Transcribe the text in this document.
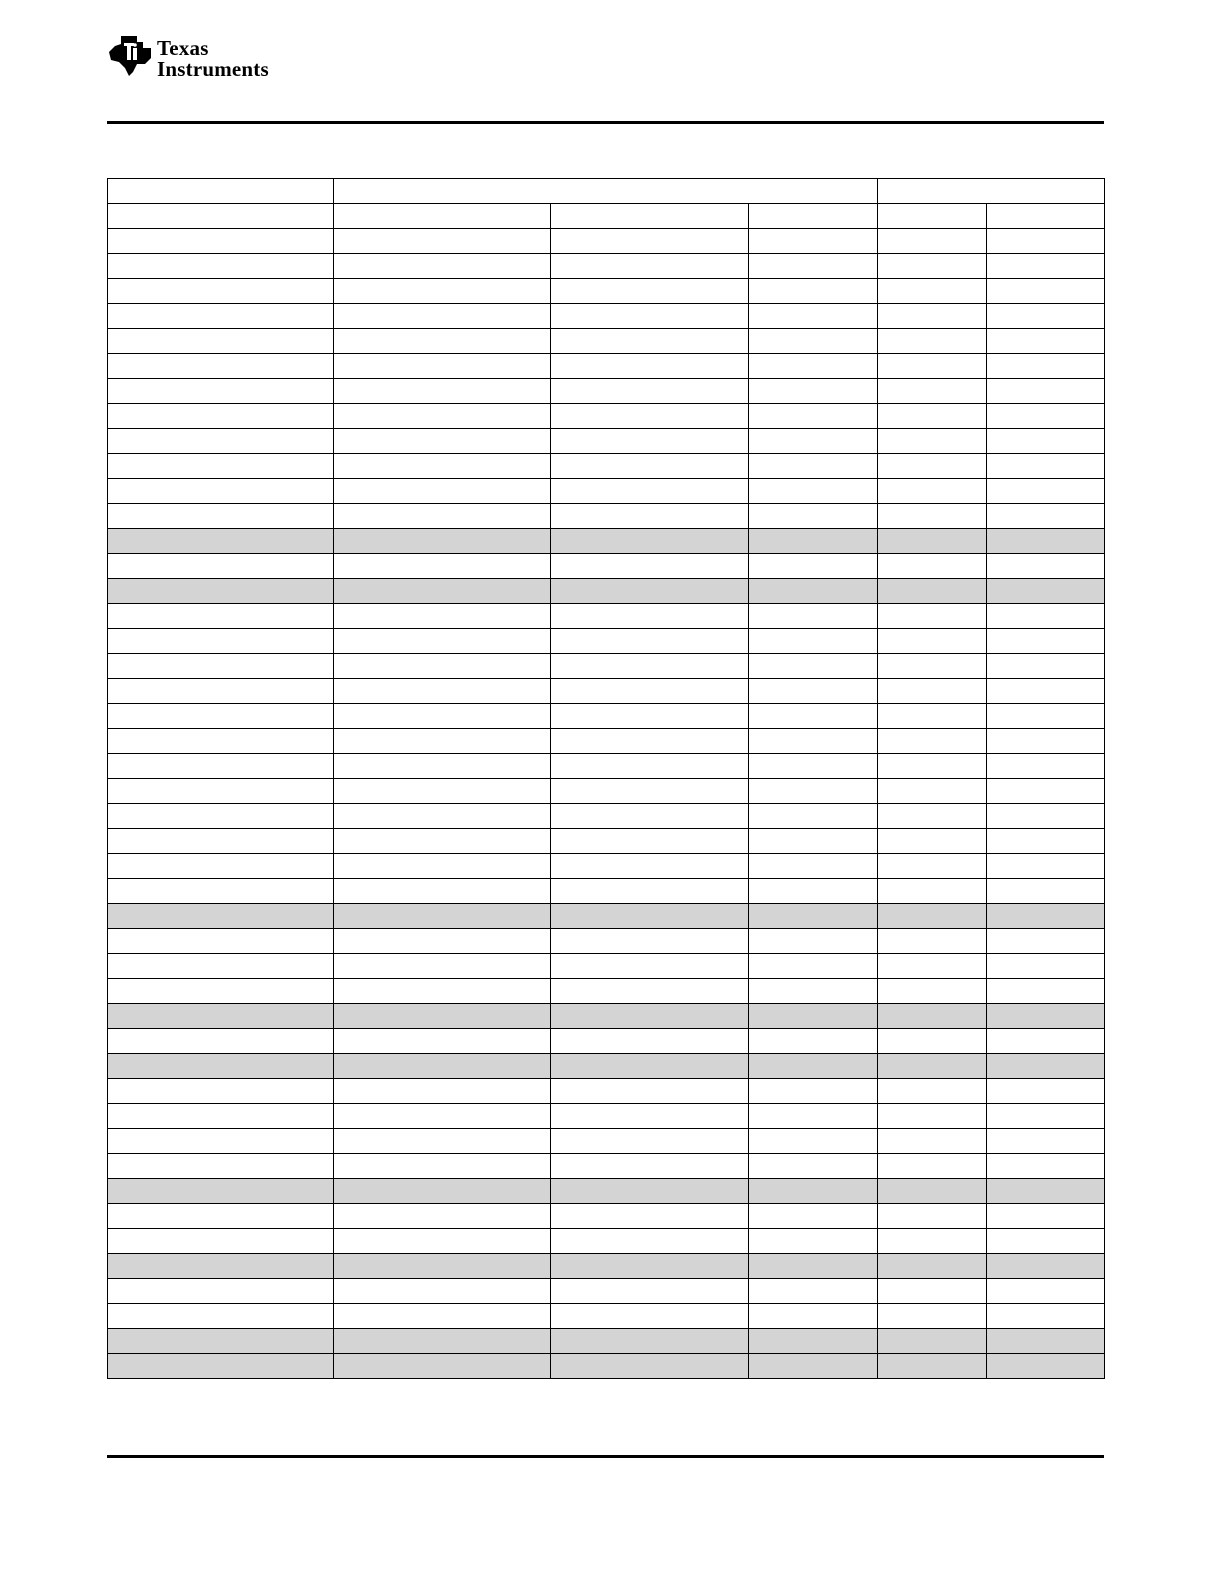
Texas
Instruments
